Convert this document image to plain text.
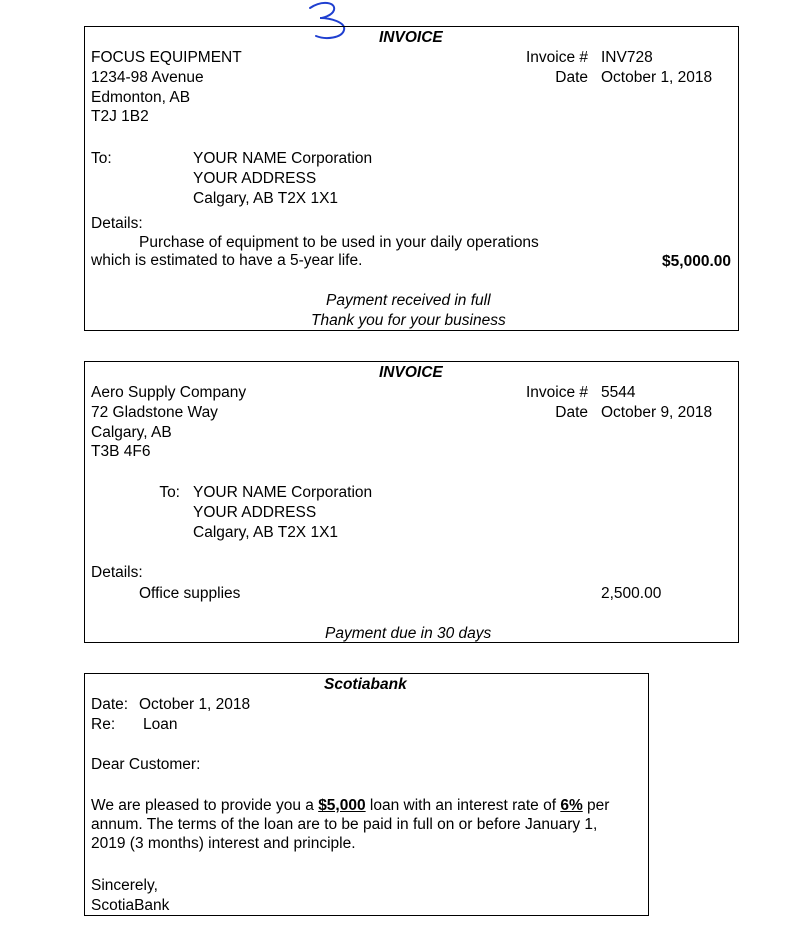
INVOICE
FOCUS EQUIPMENT
1234-98 Avenue
Edmonton, AB
T2J 1B2
Invoice # INV728
Date October 1, 2018
To:	YOUR NAME Corporation
YOUR ADDRESS
Calgary, AB T2X 1X1
Details:
Purchase of equipment to be used in your daily operations
which is estimated to have a 5-year life.	$5,000.00
Payment received in full
Thank you for your business
INVOICE
Aero Supply Company
72 Gladstone Way
Calgary, AB
T3B 4F6
Invoice # 5544
Date October 9, 2018
To: YOUR NAME Corporation
YOUR ADDRESS
Calgary, AB T2X 1X1
Details:
Office supplies	2,500.00
Payment due in 30 days
Scotiabank
Date: October 1, 2018
Re: Loan
Dear Customer:
We are pleased to provide you a $5,000 loan with an interest rate of 6% per
annum. The terms of the loan are to be paid in full on or before January 1,
2019 (3 months) interest and principle.
Sincerely,
ScotiaBank
